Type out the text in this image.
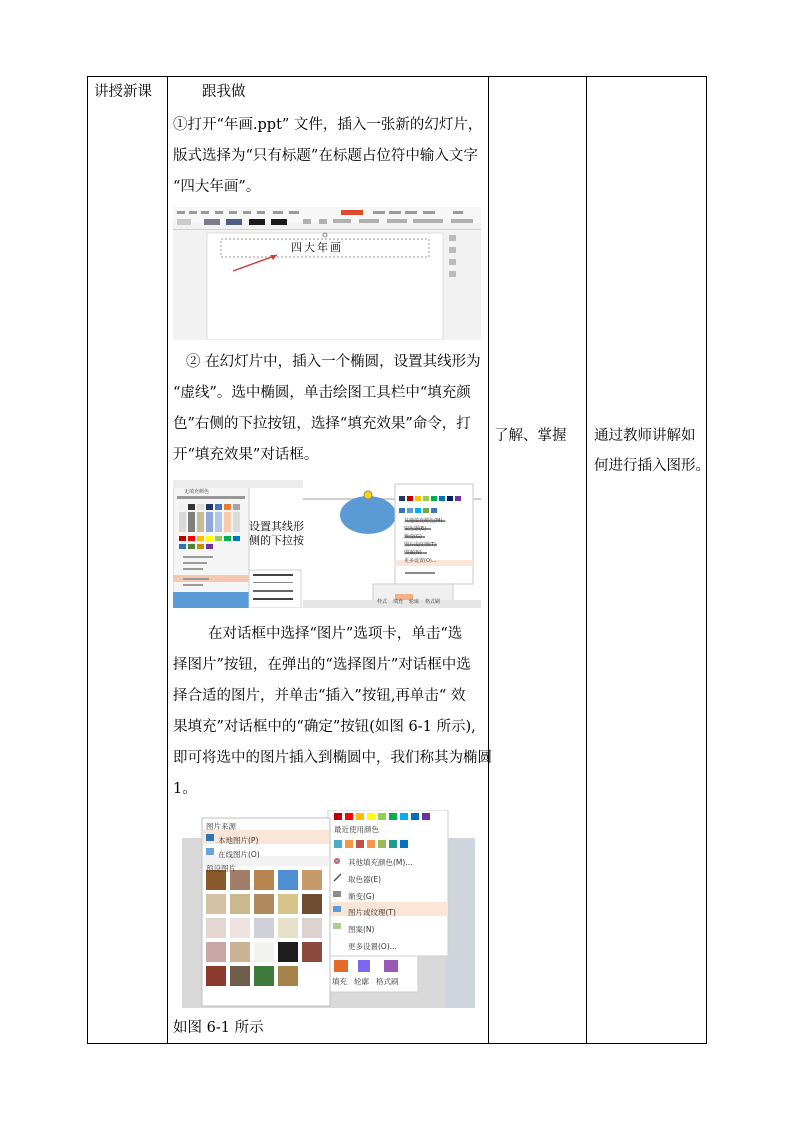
讲授新课	跟我做
①打开“年画.ppt” 文件，插入一张新的幻灯片，
版式选择为“只有标题”在标题占位符中输入文字
“四大年画”。
四大年画
② 在幻灯片中，插入一个椭圆，设置其线形为
“虚线”。选中椭圆，单击绘图工具栏中“填充颜
色”右侧的下拉按钮，选择“填充效果”命令，打
开“填充效果”对话框。
设置其线形
侧的下拉按
无填充颜色
其他填充颜色(M)...
取色器(E)
渐变(G)
图片或纹理(T)
图案(N)
更多设置(O)...
样式 填充 轮廓 格式刷
在对话框中选择“图片”选项卡，单击“选
择图片”按钮，在弹出的“选择图片”对话框中选
择合适的图片，并单击“插入”按钮,再单击“ 效
果填充”对话框中的“确定”按钮(如图 6-1 所示),
即可将选中的图片插入到椭圆中，我们称其为椭圆
1。
图片来源
本地图片(P)
在线图片(O)
预设图片
最近使用颜色
其他填充颜色(M)...
取色器(E)
渐变(G)
图片或纹理(T)
图案(N)
更多设置(O)...
填充 轮廓 格式刷
如图 6-1 所示
了解、掌握 通过教师讲解如
何进行插入图形。
